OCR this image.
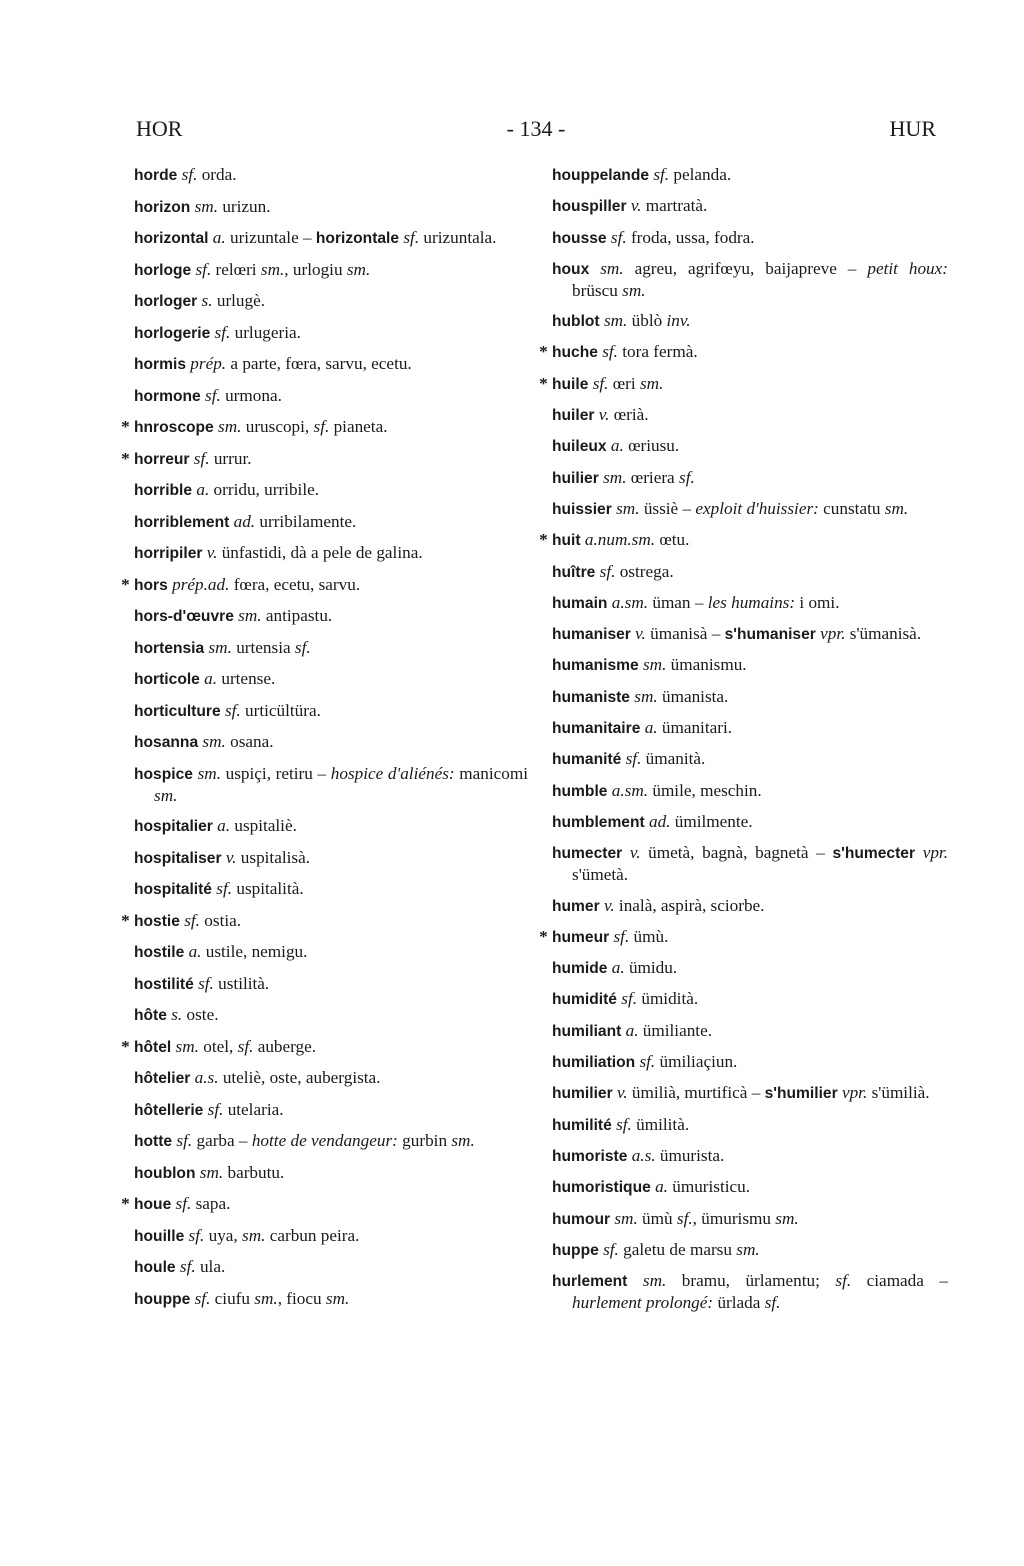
HOR	- 134 -	HUR

horde sf. orda.

horizon sm. urizun.

horizontal a. urizuntale – horizontale sf. urizuntala.

horloge sf. relœri sm., urlogiu sm.

horloger s. urlugè.

horlogerie sf. urlugeria.

hormis prép. a parte, fœra, sarvu, ecetu.

hormone sf. urmona.

* hnroscope sm. uruscopi, sf. pianeta.

* horreur sf. urrur.

horrible a. orridu, urribile.

horriblement ad. urribilamente.

horripiler v. ünfastidi, dà a pele de galina.

* hors prép.ad. fœra, ecetu, sarvu.

hors-d'œuvre sm. antipastu.

hortensia sm. urtensia sf.

horticole a. urtense.

horticulture sf. urticültüra.

hosanna sm. osana.

hospice sm. uspiçi, retiru – hospice d'aliénés: manicomi sm.

hospitalier a. uspitaliè.

hospitaliser v. uspitalisà.

hospitalité sf. uspitalità.

* hostie sf. ostia.

hostile a. ustile, nemigu.

hostilité sf. ustilità.

hôte s. oste.

* hôtel sm. otel, sf. auberge.

hôtelier a.s. uteliè, oste, aubergista.

hôtellerie sf. utelaria.

hotte sf. garba – hotte de vendangeur: gurbin sm.

houblon sm. barbutu.

* houe sf. sapa.

houille sf. uya, sm. carbun peira.

houle sf. ula.

houppe sf. ciufu sm., fiocu sm.

houppelande sf. pelanda.

houspiller v. martratà.

housse sf. froda, ussa, fodra.

houx sm. agreu, agrifœyu, baijapreve – petit houx: brüscu sm.

hublot sm. üblò inv.

* huche sf. tora fermà.

* huile sf. œri sm.

huiler v. œrià.

huileux a. œriusu.

huilier sm. œriera sf.

huissier sm. üssiè – exploit d'huissier: cunstatu sm.

* huit a.num.sm. œtu.

huître sf. ostrega.

humain a.sm. üman – les humains: i omi.

humaniser v. ümanisà – s'humaniser vpr. s'ümanisà.

humanisme sm. ümanismu.

humaniste sm. ümanista.

humanitaire a. ümanitari.

humanité sf. ümanità.

humble a.sm. ümile, meschin.

humblement ad. ümilmente.

humecter v. ümetà, bagnà, bagnetà – s'humecter vpr. s'ümetà.

humer v. inalà, aspirà, sciorbe.

* humeur sf. ümù.

humide a. ümidu.

humidité sf. ümidità.

humiliant a. ümiliante.

humiliation sf. ümiliaçiun.

humilier v. ümilià, murtificà – s'humilier vpr. s'ümilià.

humilité sf. ümilità.

humoriste a.s. ümurista.

humoristique a. ümuristicu.

humour sm. ümù sf., ümurismu sm.

huppe sf. galetu de marsu sm.

hurlement sm. bramu, ürlamentu; sf. ciamada – hurlement prolongé: ürlada sf.
